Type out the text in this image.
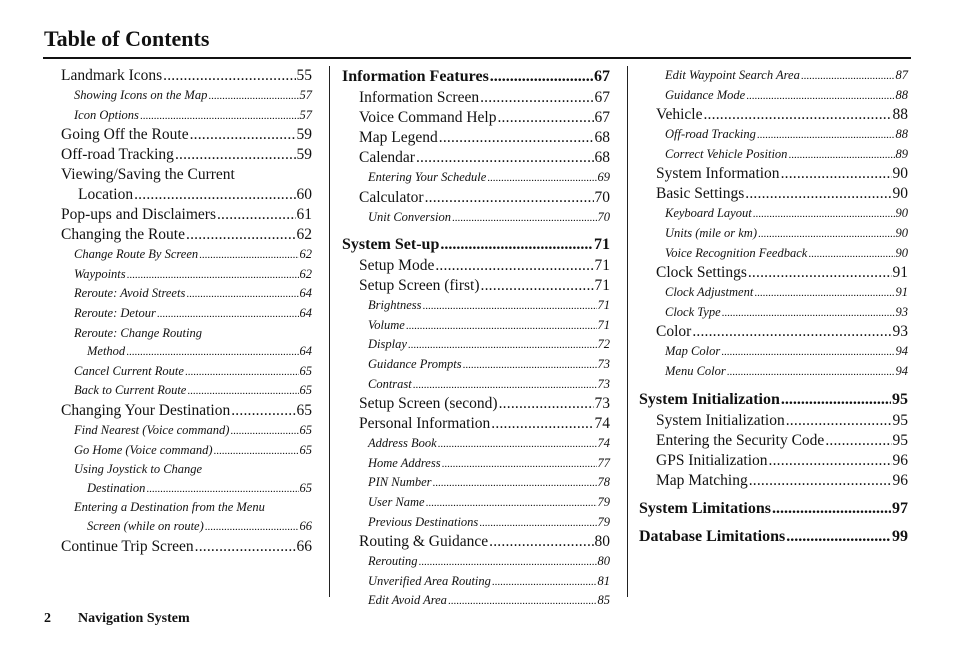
Table of Contents
Landmark Icons .....	55
Showing Icons on the Map .....	57
Icon Options .....	57
Going Off the Route .....	59
Off-road Tracking .....	59
Viewing/Saving the Current
Location .....	60
Pop-ups and Disclaimers .....	61
Changing the Route .....	62
Change Route By Screen .....	62
Waypoints .....	62
Reroute: Avoid Streets .....	64
Reroute: Detour .....	64
Reroute: Change Routing
Method .....	64
Cancel Current Route .....	65
Back to Current Route .....	65
Changing Your Destination .....	65
Find Nearest (Voice command) .....	65
Go Home (Voice command) .....	65
Using Joystick to Change
Destination .....	65
Entering a Destination from the Menu
Screen (while on route) .....	66
Continue Trip Screen .....	66
Information Features .....	67
Information Screen .....	67
Voice Command Help .....	67
Map Legend .....	68
Calendar .....	68
Entering Your Schedule .....	69
Calculator .....	70
Unit Conversion .....	70
System Set-up .....	71
Setup Mode .....	71
Setup Screen (first) .....	71
Brightness .....	71
Volume .....	71
Display .....	72
Guidance Prompts .....	73
Contrast .....	73
Setup Screen (second) .....	73
Personal Information .....	74
Address Book .....	74
Home Address .....	77
PIN Number .....	78
User Name .....	79
Previous Destinations .....	79
Routing & Guidance .....	80
Rerouting .....	80
Unverified Area Routing .....	81
Edit Avoid Area .....	85
Edit Waypoint Search Area .....	87
Guidance Mode .....	88
Vehicle .....	88
Off-road Tracking .....	88
Correct Vehicle Position .....	89
System Information .....	90
Basic Settings .....	90
Keyboard Layout .....	90
Units (mile or km) .....	90
Voice Recognition Feedback .....	90
Clock Settings .....	91
Clock Adjustment .....	91
Clock Type .....	93
Color .....	93
Map Color .....	94
Menu Color .....	94
System Initialization .....	95
System Initialization .....	95
Entering the Security Code .....	95
GPS Initialization .....	96
Map Matching .....	96
System Limitations .....	97
Database Limitations .....	99
2 Navigation System
